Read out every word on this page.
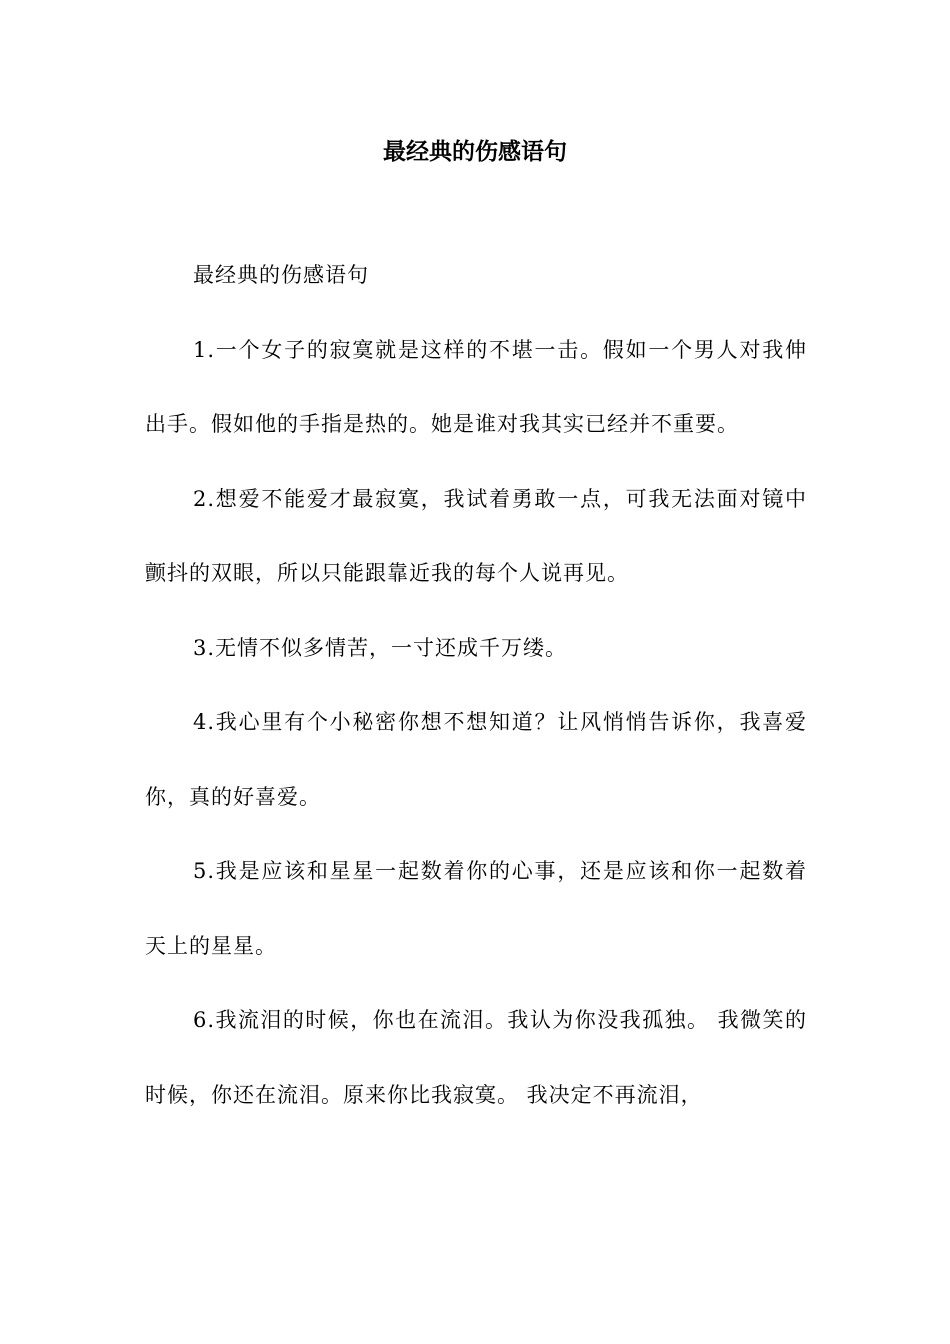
最经典的伤感语句

最经典的伤感语句

1.一个女子的寂寞就是这样的不堪一击。假如一个男人对我伸出手。假如他的手指是热的。她是谁对我其实已经并不重要。

2.想爱不能爱才最寂寞，我试着勇敢一点，可我无法面对镜中颤抖的双眼，所以只能跟靠近我的每个人说再见。

3.无情不似多情苦，一寸还成千万缕。

4.我心里有个小秘密你想不想知道？让风悄悄告诉你，我喜爱你，真的好喜爱。

5.我是应该和星星一起数着你的心事，还是应该和你一起数着天上的星星。

6.我流泪的时候，你也在流泪。我认为你没我孤独。 我微笑的时候，你还在流泪。原来你比我寂寞。 我决定不再流泪，
